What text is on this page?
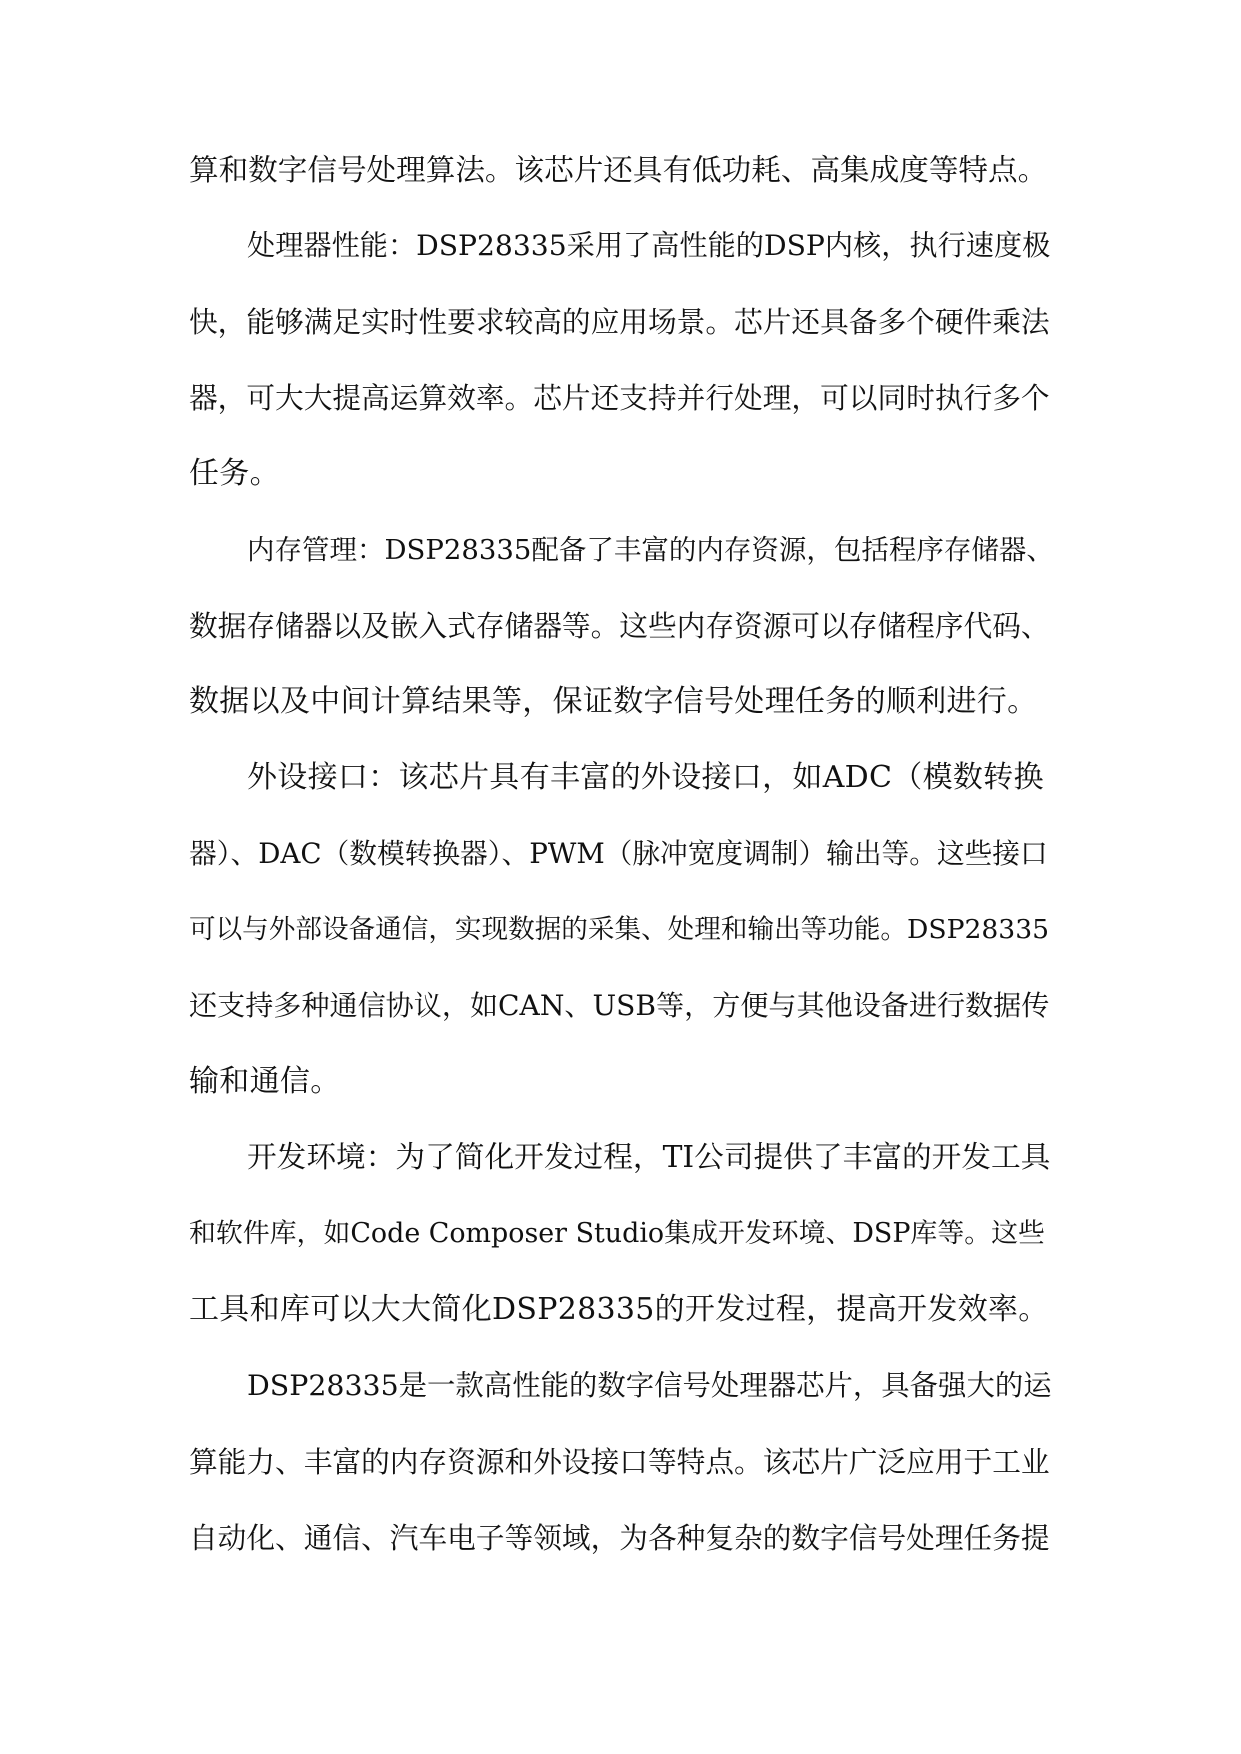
算和数字信号处理算法。该芯片还具有低功耗、高集成度等特点。
处理器性能：DSP28335采用了高性能的DSP内核，执行速度极
快，能够满足实时性要求较高的应用场景。芯片还具备多个硬件乘法
器，可大大提高运算效率。芯片还支持并行处理，可以同时执行多个
任务。
内存管理：DSP28335配备了丰富的内存资源，包括程序存储器、
数据存储器以及嵌入式存储器等。这些内存资源可以存储程序代码、
数据以及中间计算结果等，保证数字信号处理任务的顺利进行。
外设接口：该芯片具有丰富的外设接口，如ADC（模数转换
器）、DAC（数模转换器）、PWM（脉冲宽度调制）输出等。这些接口
可以与外部设备通信，实现数据的采集、处理和输出等功能。DSP28335
还支持多种通信协议，如CAN、USB等，方便与其他设备进行数据传
输和通信。
开发环境：为了简化开发过程，TI公司提供了丰富的开发工具
和软件库，如Code Composer Studio集成开发环境、DSP库等。这些
工具和库可以大大简化DSP28335的开发过程，提高开发效率。
DSP28335是一款高性能的数字信号处理器芯片，具备强大的运
算能力、丰富的内存资源和外设接口等特点。该芯片广泛应用于工业
自动化、通信、汽车电子等领域，为各种复杂的数字信号处理任务提
